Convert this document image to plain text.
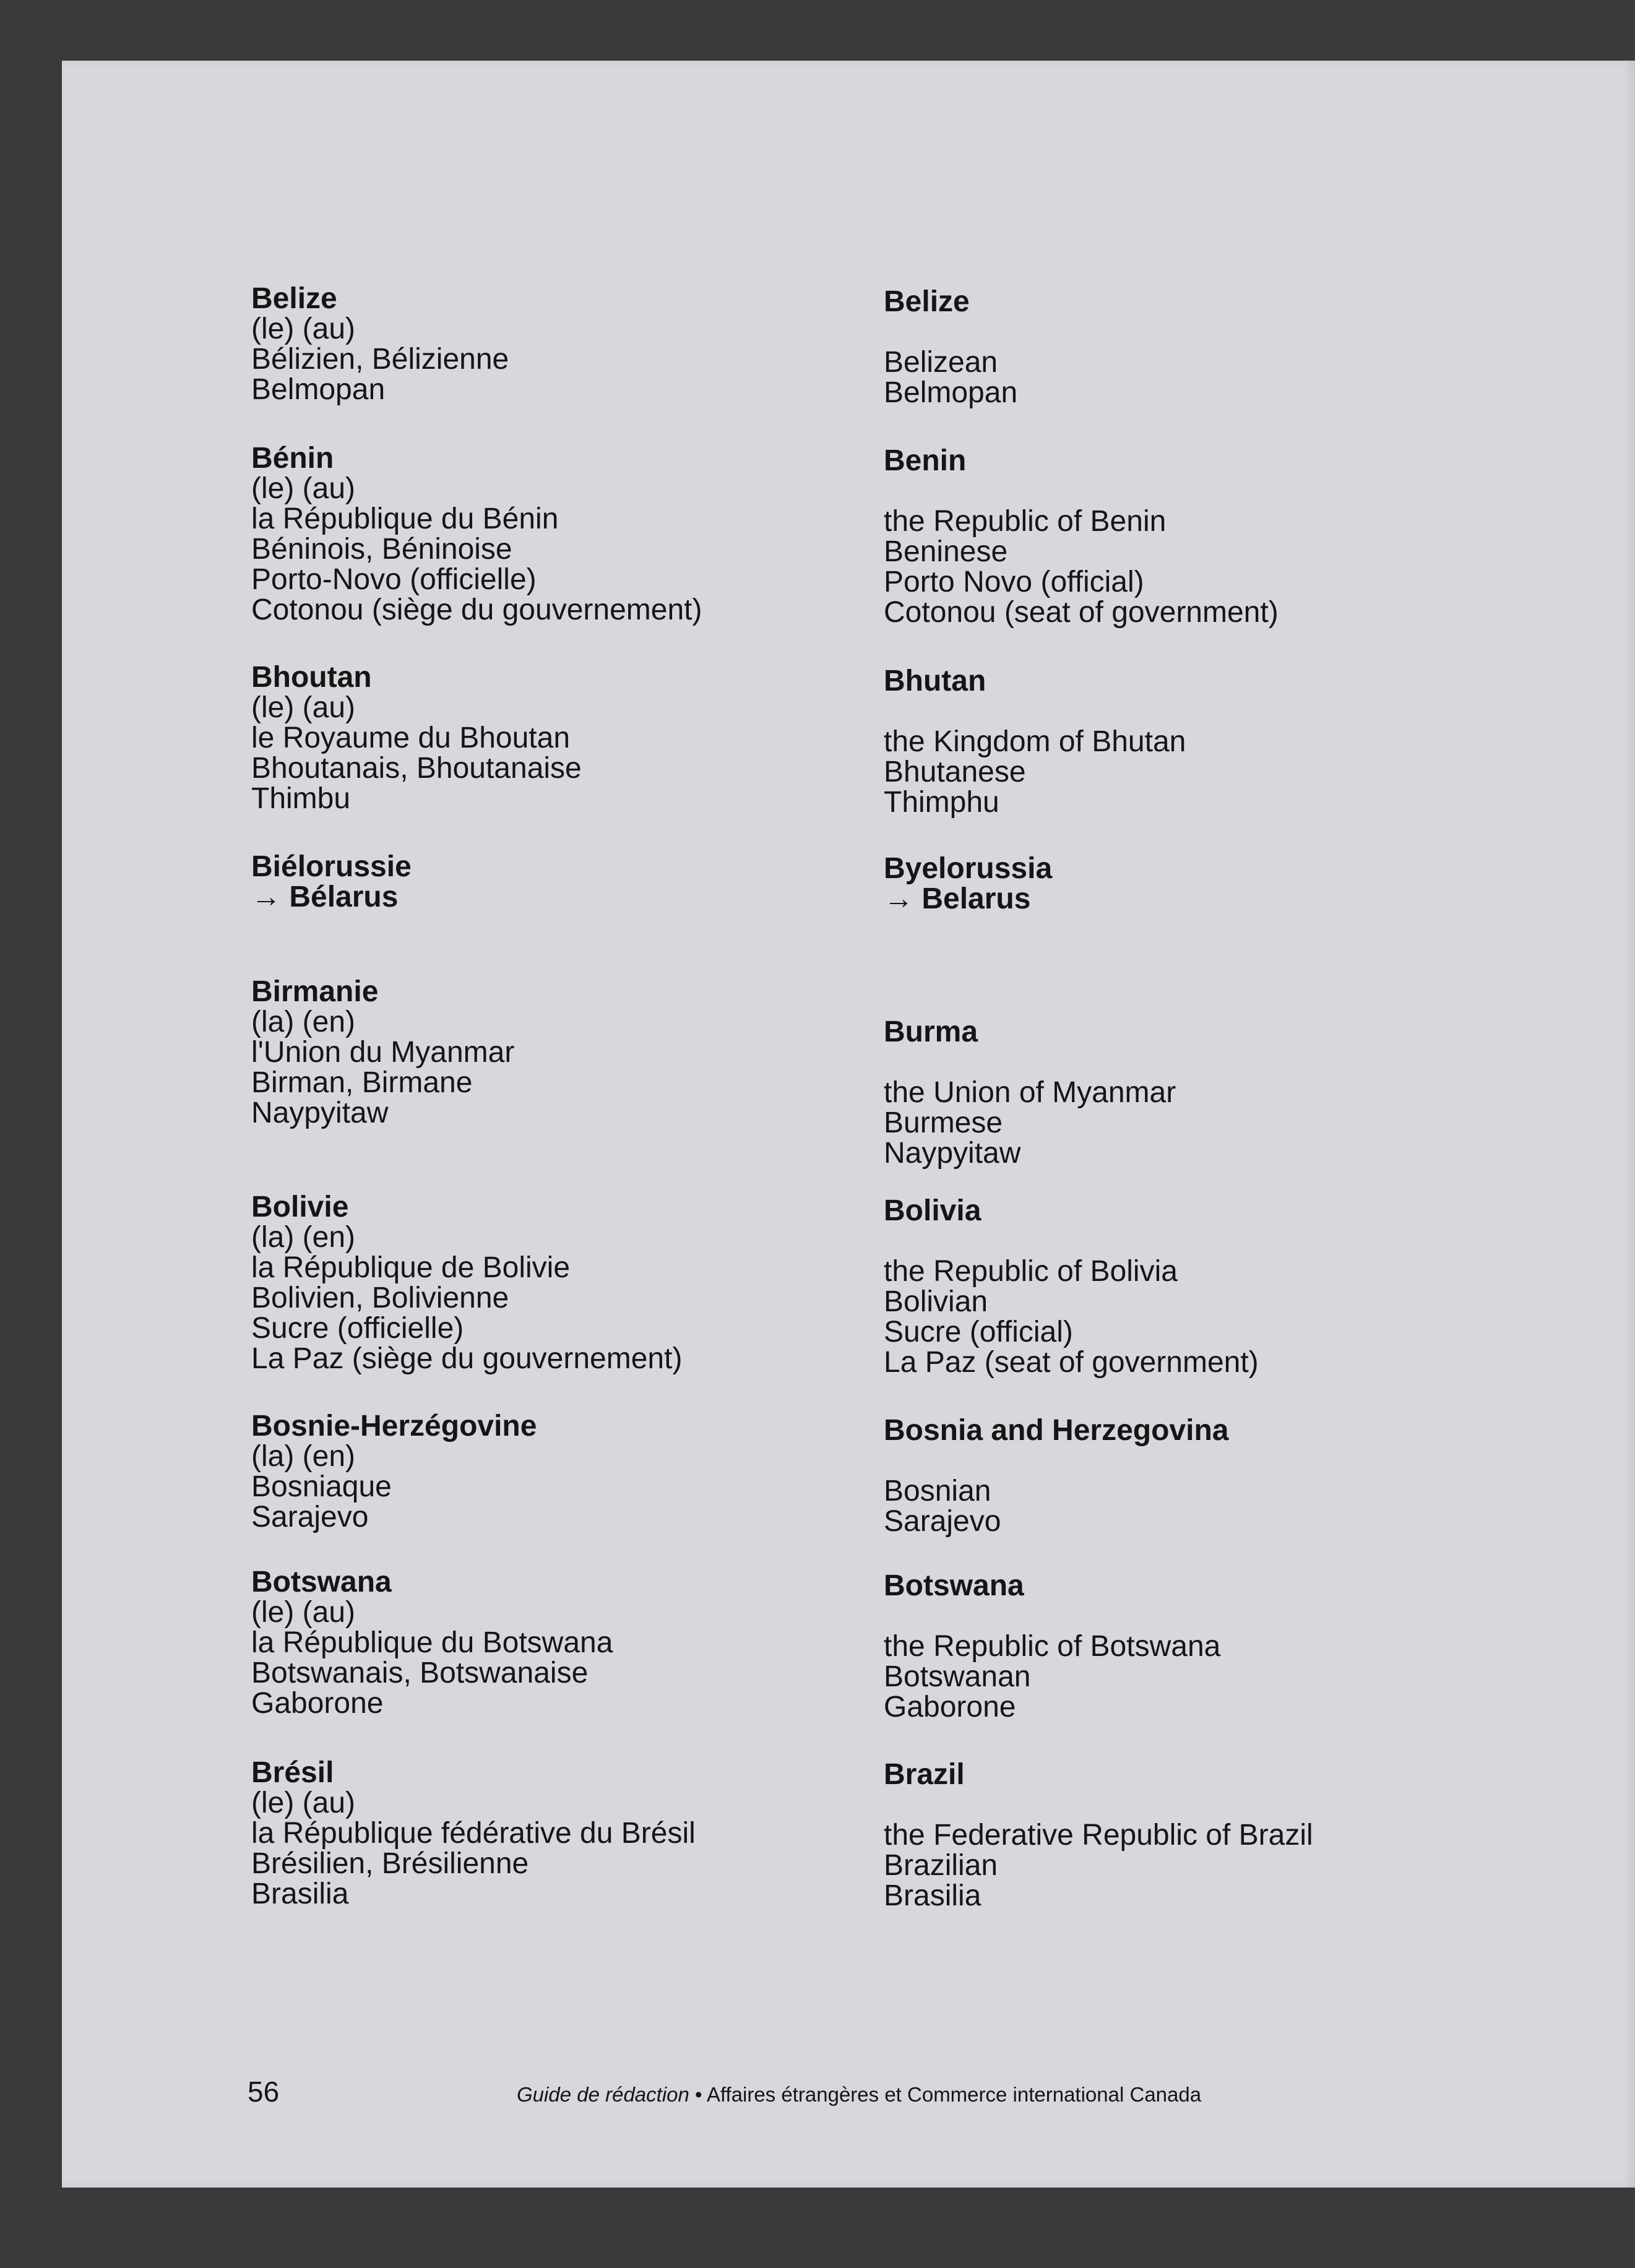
Belize
(le) (au)
Bélizien, Bélizienne
Belmopan
Bénin
(le) (au)
la République du Bénin
Béninois, Béninoise
Porto-Novo (officielle)
Cotonou (siège du gouvernement)
Bhoutan
(le) (au)
le Royaume du Bhoutan
Bhoutanais, Bhoutanaise
Thimbu
Biélorussie
→ Bélarus
Birmanie
(la) (en)
l'Union du Myanmar
Birman, Birmane
Naypyitaw
Bolivie
(la) (en)
la République de Bolivie
Bolivien, Bolivienne
Sucre (officielle)
La Paz (siège du gouvernement)
Bosnie-Herzégovine
(la) (en)
Bosniaque
Sarajevo
Botswana
(le) (au)
la République du Botswana
Botswanais, Botswanaise
Gaborone
Brésil
(le) (au)
la République fédérative du Brésil
Brésilien, Brésilienne
Brasilia
Belize
Belizean
Belmopan
Benin
the Republic of Benin
Beninese
Porto Novo (official)
Cotonou (seat of government)
Bhutan
the Kingdom of Bhutan
Bhutanese
Thimphu
Byelorussia
→ Belarus
Burma
the Union of Myanmar
Burmese
Naypyitaw
Bolivia
the Republic of Bolivia
Bolivian
Sucre (official)
La Paz (seat of government)
Bosnia and Herzegovina
Bosnian
Sarajevo
Botswana
the Republic of Botswana
Botswanan
Gaborone
Brazil
the Federative Republic of Brazil
Brazilian
Brasilia
56	Guide de rédaction • Affaires étrangères et Commerce international Canada
